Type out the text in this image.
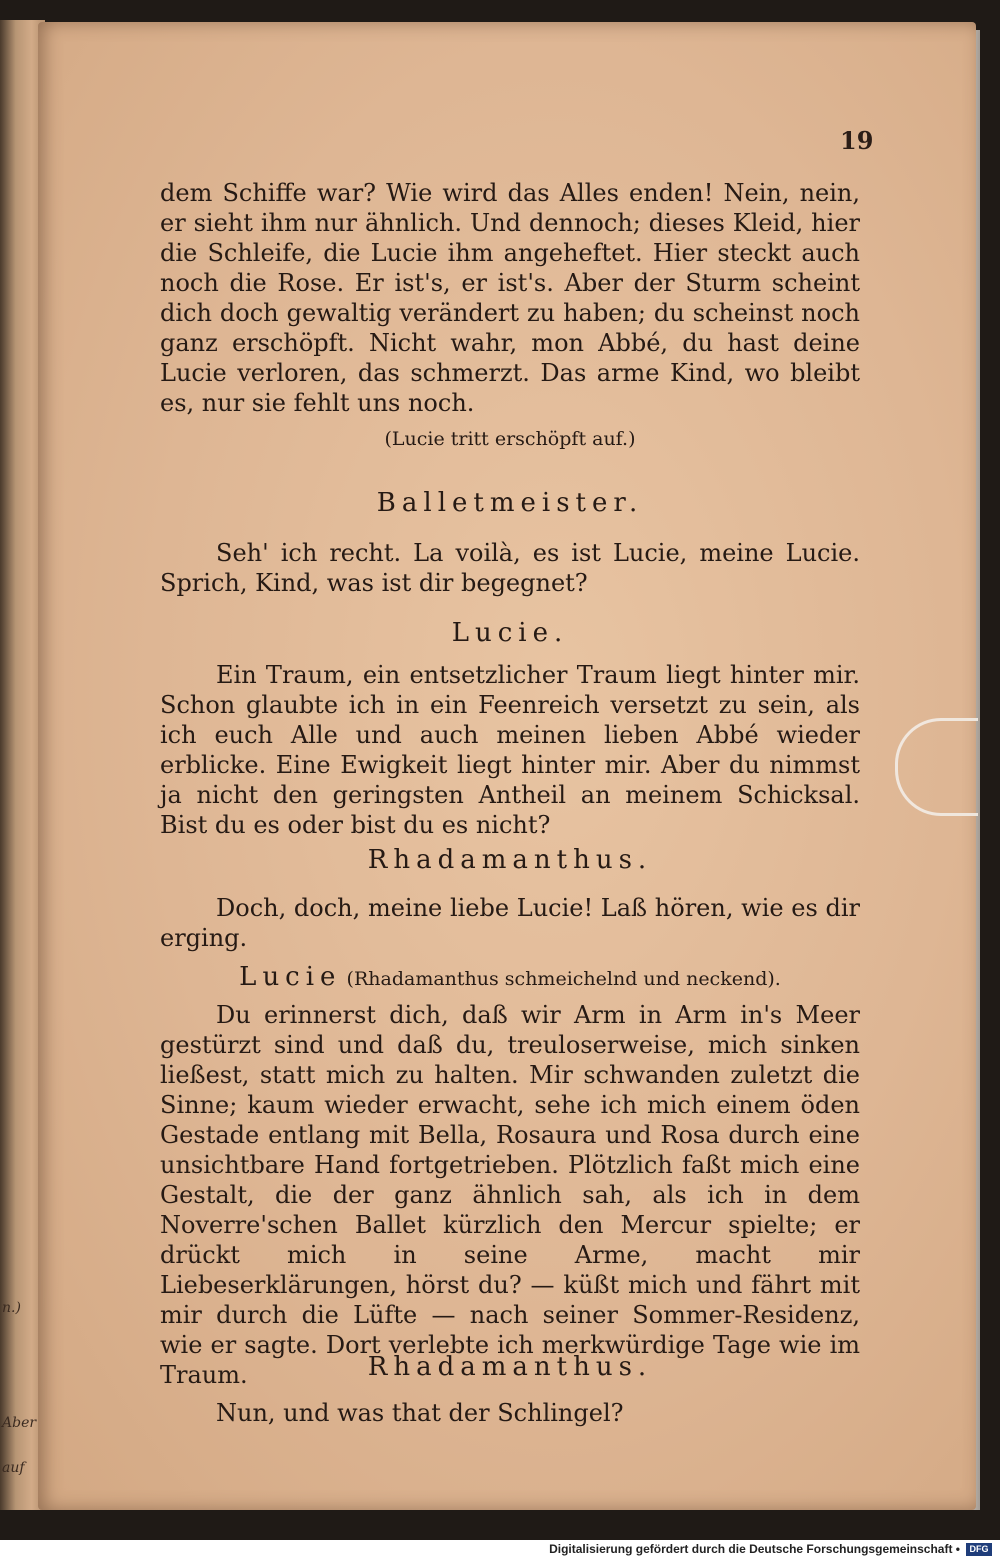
n.)
Aber
auf
19
dem Schiffe war? Wie wird das Alles enden! Nein, nein, er sieht ihm nur ähnlich. Und dennoch; dieses Kleid, hier die Schleife, die Lucie ihm angeheftet. Hier steckt auch noch die Rose. Er ist's, er ist's. Aber der Sturm scheint dich doch gewaltig verändert zu haben; du scheinst noch ganz erschöpft. Nicht wahr, mon Abbé, du hast deine Lucie verloren, das schmerzt. Das arme Kind, wo bleibt es, nur sie fehlt uns noch.
(Lucie tritt erschöpft auf.)
Balletmeister.
Seh' ich recht. La voilà, es ist Lucie, meine Lucie. Sprich, Kind, was ist dir begegnet?
Lucie.
Ein Traum, ein entsetzlicher Traum liegt hinter mir. Schon glaubte ich in ein Feenreich versetzt zu sein, als ich euch Alle und auch meinen lieben Abbé wieder erblicke. Eine Ewigkeit liegt hinter mir. Aber du nimmst ja nicht den geringsten Antheil an meinem Schicksal. Bist du es oder bist du es nicht?
Rhadamanthus.
Doch, doch, meine liebe Lucie! Laß hören, wie es dir erging.
Lucie (Rhadamanthus schmeichelnd und neckend).
Du erinnerst dich, daß wir Arm in Arm in's Meer gestürzt sind und daß du, treuloserweise, mich sinken ließest, statt mich zu halten. Mir schwanden zuletzt die Sinne; kaum wieder erwacht, sehe ich mich einem öden Gestade entlang mit Bella, Rosaura und Rosa durch eine unsichtbare Hand fortgetrieben. Plötzlich faßt mich eine Gestalt, die der ganz ähnlich sah, als ich in dem Noverre'schen Ballet kürzlich den Mercur spielte; er drückt mich in seine Arme, macht mir Liebeserklärungen, hörst du? — küßt mich und fährt mit mir durch die Lüfte — nach seiner Sommer-Residenz, wie er sagte. Dort verlebte ich merkwürdige Tage wie im Traum.	Rhadamanthus.
Nun, und was that der Schlingel?
Digitalisierung gefördert durch die Deutsche Forschungsgemeinschaft •	DFG
